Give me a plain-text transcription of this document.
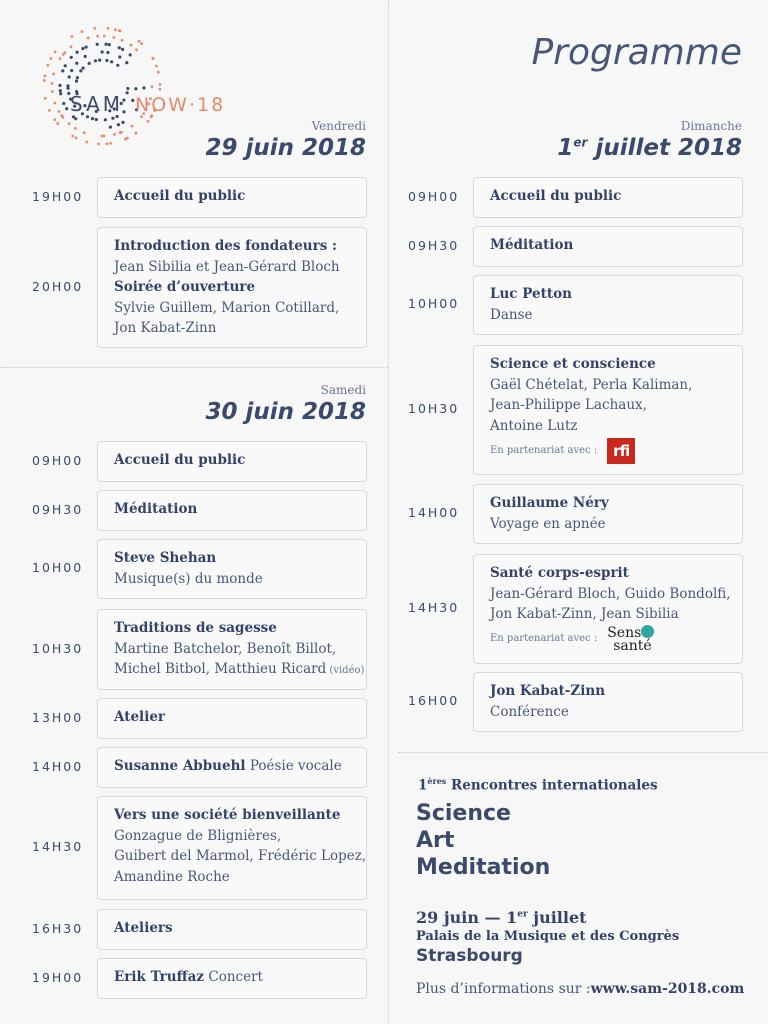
SAM NOW·18
Programme
Vendredi
29 juin 2018
Samedi
30 juin 2018
Dimanche
1er juillet 2018
19H00 Accueil du public
20H00
Introduction des fondateurs :
Jean Sibilia et Jean-Gérard Bloch
Soirée d’ouverture
Sylvie Guillem, Marion Cotillard,
Jon Kabat-Zinn
09H00 Accueil du public
09H30 Méditation
10H00
Steve Shehan
Musique(s) du monde
10H30
Traditions de sagesse
Martine Batchelor, Benoît Billot,
Michel Bitbol, Matthieu Ricard (vidéo)
13H00 Atelier
14H00 Susanne Abbuehl Poésie vocale
14H30
Vers une société bienveillante
Gonzague de Blignières,
Guibert del Marmol, Frédéric Lopez,
Amandine Roche
16H30 Ateliers
19H00 Erik Truffaz Concert
09H00 Accueil du public
09H30 Méditation
10H00
Luc Petton
Danse
10H30
Science et conscience
Gaël Chételat, Perla Kaliman,
Jean-Philippe Lachaux,
Antoine Lutz
En partenariat avec :	rfi
14H00
Guillaume Néry
Voyage en apnée
14H30
Santé corps-esprit
Jean-Gérard Bloch, Guido Bondolfi,
Jon Kabat-Zinn, Jean Sibilia
En partenariat avec : Sens
santé
16H00
Jon Kabat-Zinn
Conférence
1ères Rencontres internationales
Science
Art
Meditation
29 juin — 1er juillet
Palais de la Musique et des Congrès
Strasbourg
Plus d’informations sur :www.sam-2018.com
